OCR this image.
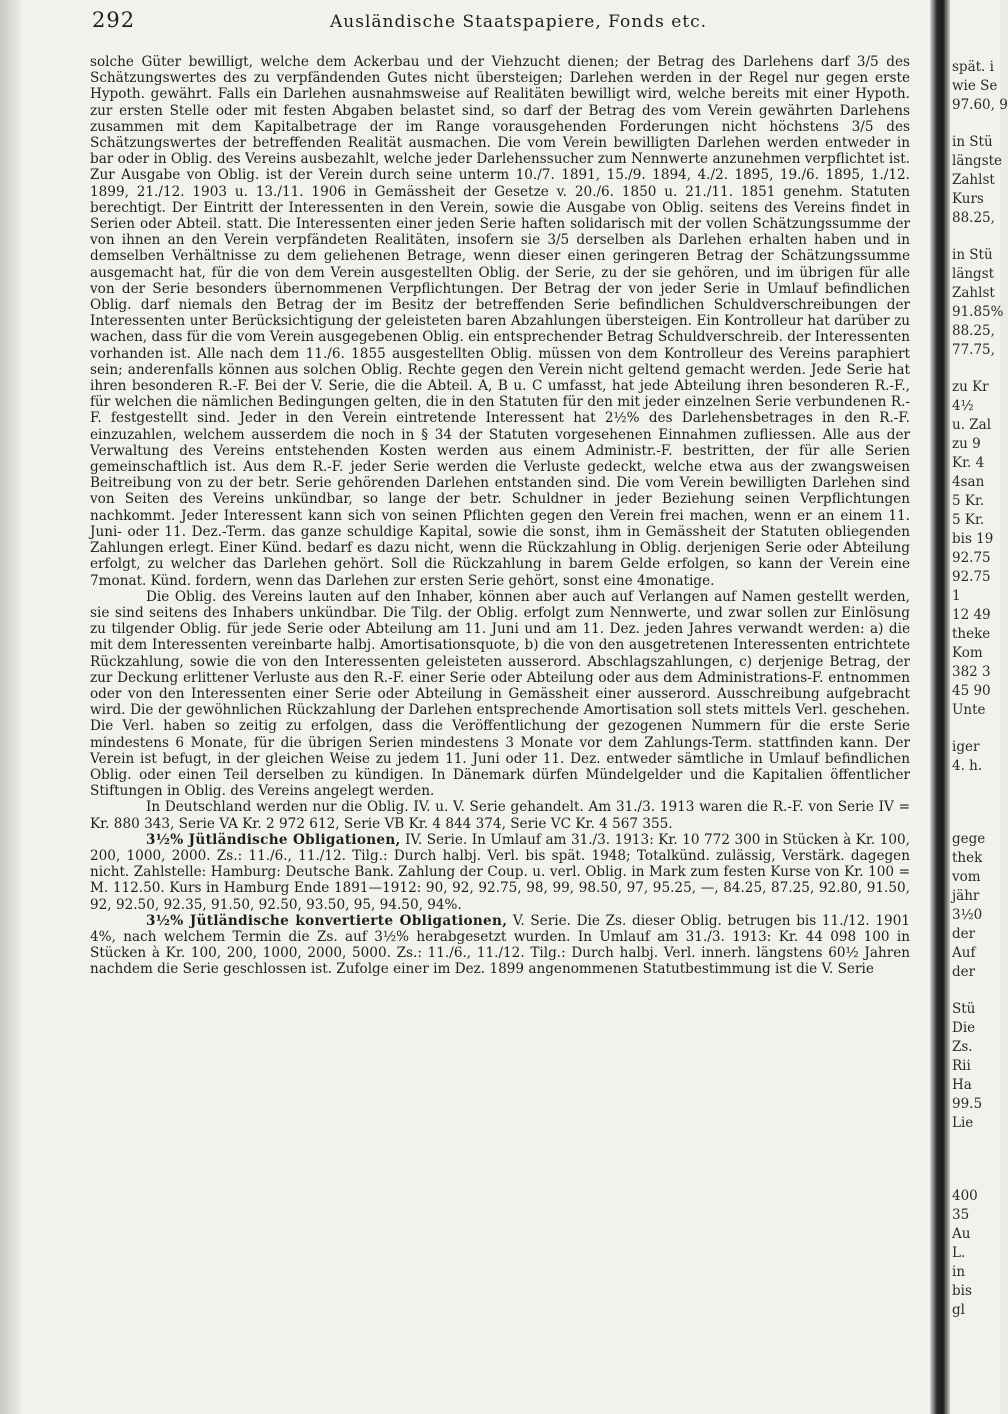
292	Ausländische Staatspapiere, Fonds etc.

solche Güter bewilligt, welche dem Ackerbau und der Viehzucht dienen; der Betrag des Darlehens darf 3/5 des Schätzungswertes des zu verpfändenden Gutes nicht übersteigen; Darlehen werden in der Regel nur gegen erste Hypoth. gewährt. Falls ein Darlehen ausnahmsweise auf Realitäten bewilligt wird, welche bereits mit einer Hypoth. zur ersten Stelle oder mit festen Abgaben belastet sind, so darf der Betrag des vom Verein gewährten Darlehens zusammen mit dem Kapitalbetrage der im Range vorausgehenden Forderungen nicht höchstens 3/5 des Schätzungswertes der betreffenden Realität ausmachen. Die vom Verein bewilligten Darlehen werden entweder in bar oder in Oblig. des Vereins ausbezahlt, welche jeder Darlehenssucher zum Nennwerte anzunehmen verpflichtet ist. Zur Ausgabe von Oblig. ist der Verein durch seine unterm 10./7. 1891, 15./9. 1894, 4./2. 1895, 19./6. 1895, 1./12. 1899, 21./12. 1903 u. 13./11. 1906 in Gemässheit der Gesetze v. 20./6. 1850 u. 21./11. 1851 genehm. Statuten berechtigt. Der Eintritt der Interessenten in den Verein, sowie die Ausgabe von Oblig. seitens des Vereins findet in Serien oder Abteil. statt. Die Interessenten einer jeden Serie haften solidarisch mit der vollen Schätzungssumme der von ihnen an den Verein verpfändeten Realitäten, insofern sie 3/5 derselben als Darlehen erhalten haben und in demselben Verhältnisse zu dem geliehenen Betrage, wenn dieser einen geringeren Betrag der Schätzungssumme ausgemacht hat, für die von dem Verein ausgestellten Oblig. der Serie, zu der sie gehören, und im übrigen für alle von der Serie besonders übernommenen Verpflichtungen. Der Betrag der von jeder Serie in Umlauf befindlichen Oblig. darf niemals den Betrag der im Besitz der betreffenden Serie befindlichen Schuldverschreibungen der Interessenten unter Berücksichtigung der geleisteten baren Abzahlungen übersteigen. Ein Kontrolleur hat darüber zu wachen, dass für die vom Verein ausgegebenen Oblig. ein entsprechender Betrag Schuldverschreib. der Interessenten vorhanden ist. Alle nach dem 11./6. 1855 ausgestellten Oblig. müssen von dem Kontrolleur des Vereins paraphiert sein; anderenfalls können aus solchen Oblig. Rechte gegen den Verein nicht geltend gemacht werden. Jede Serie hat ihren besonderen R.-F. Bei der V. Serie, die die Abteil. A, B u. C umfasst, hat jede Abteilung ihren besonderen R.-F., für welchen die nämlichen Bedingungen gelten, die in den Statuten für den mit jeder einzelnen Serie verbundenen R.-F. festgestellt sind. Jeder in den Verein eintretende Interessent hat 2½% des Darlehensbetrages in den R.-F. einzuzahlen, welchem ausserdem die noch in § 34 der Statuten vorgesehenen Einnahmen zufliessen. Alle aus der Verwaltung des Vereins entstehenden Kosten werden aus einem Administr.-F. bestritten, der für alle Serien gemeinschaftlich ist. Aus dem R.-F. jeder Serie werden die Verluste gedeckt, welche etwa aus der zwangsweisen Beitreibung von zu der betr. Serie gehörenden Darlehen entstanden sind. Die vom Verein bewilligten Darlehen sind von Seiten des Vereins unkündbar, so lange der betr. Schuldner in jeder Beziehung seinen Verpflichtungen nachkommt. Jeder Interessent kann sich von seinen Pflichten gegen den Verein frei machen, wenn er an einem 11. Juni- oder 11. Dez.-Term. das ganze schuldige Kapital, sowie die sonst, ihm in Gemässheit der Statuten obliegenden Zahlungen erlegt. Einer Künd. bedarf es dazu nicht, wenn die Rückzahlung in Oblig. derjenigen Serie oder Abteilung erfolgt, zu welcher das Darlehen gehört. Soll die Rückzahlung in barem Gelde erfolgen, so kann der Verein eine 7monat. Künd. fordern, wenn das Darlehen zur ersten Serie gehört, sonst eine 4monatige.

Die Oblig. des Vereins lauten auf den Inhaber, können aber auch auf Verlangen auf Namen gestellt werden, sie sind seitens des Inhabers unkündbar. Die Tilg. der Oblig. erfolgt zum Nennwerte, und zwar sollen zur Einlösung zu tilgender Oblig. für jede Serie oder Abteilung am 11. Juni und am 11. Dez. jeden Jahres verwandt werden: a) die mit dem Interessenten vereinbarte halbj. Amortisationsquote, b) die von den ausgetretenen Interessenten entrichtete Rückzahlung, sowie die von den Interessenten geleisteten ausserord. Abschlagszahlungen, c) derjenige Betrag, der zur Deckung erlittener Verluste aus den R.-F. einer Serie oder Abteilung oder aus dem Administrations-F. entnommen oder von den Interessenten einer Serie oder Abteilung in Gemässheit einer ausserord. Ausschreibung aufgebracht wird. Die der gewöhnlichen Rückzahlung der Darlehen entsprechende Amortisation soll stets mittels Verl. geschehen. Die Verl. haben so zeitig zu erfolgen, dass die Veröffentlichung der gezogenen Nummern für die erste Serie mindestens 6 Monate, für die übrigen Serien mindestens 3 Monate vor dem Zahlungs-Term. stattfinden kann. Der Verein ist befugt, in der gleichen Weise zu jedem 11. Juni oder 11. Dez. entweder sämtliche in Umlauf befindlichen Oblig. oder einen Teil derselben zu kündigen. In Dänemark dürfen Mündelgelder und die Kapitalien öffentlicher Stiftungen in Oblig. des Vereins angelegt werden.

In Deutschland werden nur die Oblig. IV. u. V. Serie gehandelt. Am 31./3. 1913 waren die R.-F. von Serie IV = Kr. 880 343, Serie VA Kr. 2 972 612, Serie VB Kr. 4 844 374, Serie VC Kr. 4 567 355.

3½% Jütländische Obligationen, IV. Serie. In Umlauf am 31./3. 1913: Kr. 10 772 300 in Stücken à Kr. 100, 200, 1000, 2000. Zs.: 11./6., 11./12. Tilg.: Durch halbj. Verl. bis spät. 1948; Totalkünd. zulässig, Verstärk. dagegen nicht. Zahlstelle: Hamburg: Deutsche Bank. Zahlung der Coup. u. verl. Oblig. in Mark zum festen Kurse von Kr. 100 = M. 112.50. Kurs in Hamburg Ende 1891—1912: 90, 92, 92.75, 98, 99, 98.50, 97, 95.25, —, 84.25, 87.25, 92.80, 91.50, 92, 92.50, 92.35, 91.50, 92.50, 93.50, 95, 94.50, 94%.

3½% Jütländische konvertierte Obligationen, V. Serie. Die Zs. dieser Oblig. betrugen bis 11./12. 1901 4%, nach welchem Termin die Zs. auf 3½% herabgesetzt wurden. In Umlauf am 31./3. 1913: Kr. 44 098 100 in Stücken à Kr. 100, 200, 1000, 2000, 5000. Zs.: 11./6., 11./12. Tilg.: Durch halbj. Verl. innerh. längstens 60½ Jahren nachdem die Serie geschlossen ist. Zufolge einer im Dez. 1899 angenommenen Statutbestimmung ist die V. Serie

spät. i
wie Se
97.60, 9
in Stü
längste
Zahlst
Kurs
88.25,
in Stü
längst
Zahlst
91.85%
88.25,
77.75,
zu Kr
4½
u. Zal
zu 9
Kr. 4
4san
5 Kr.
5 Kr.
bis 19
92.75
92.75
1
12 49
theke
Kom
382 3
45 90
Unte
iger
4. h.
gege
thek
vom
jähr
3½0
der
Auf
der
Stü
Die
Zs.
Rii
Ha
99.5
Lie
400
35
Au
L.
in
bis
gl
